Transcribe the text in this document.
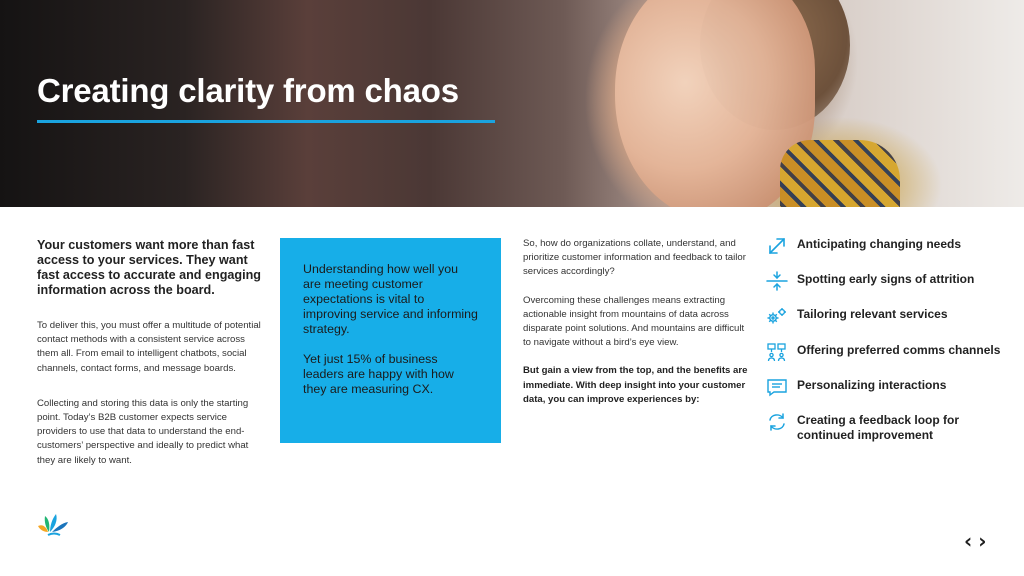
Creating clarity from chaos

Your customers want more than fast access to your services. They want fast access to accurate and engaging information across the board.

To deliver this, you must offer a multitude of potential contact methods with a consistent service across them all. From email to intelligent chatbots, social channels, contact forms, and message boards.

Collecting and storing this data is only the starting point. Today’s B2B customer expects service providers to use that data to understand the end-customers’ perspective and ideally to predict what they are likely to want.

Understanding how well you are meeting customer expectations is vital to improving service and informing strategy.

Yet just 15% of business leaders are happy with how they are measuring CX.

So, how do organizations collate, understand, and prioritize customer information and feedback to tailor services accordingly?

Overcoming these challenges means extracting actionable insight from mountains of data across disparate point solutions. And mountains are difficult to navigate without a bird’s eye view.

But gain a view from the top, and the benefits are immediate. With deep insight into your customer data, you can improve experiences by:

Anticipating changing needs
Spotting early signs of attrition
Tailoring relevant services
Offering preferred comms channels
Personalizing interactions
Creating a feedback loop for continued improvement
‹ ›
